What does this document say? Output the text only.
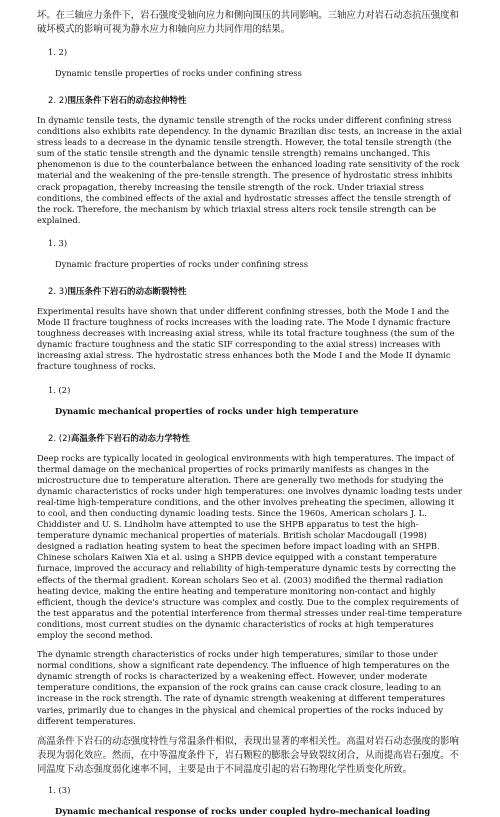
坏。在三轴应力条件下，岩石强度受轴向应力和侧向围压的共同影响。三轴应力对岩石动态抗压强度和破坏模式的影响可视为静水应力和轴向应力共同作用的结果。

1. 2)

Dynamic tensile properties of rocks under confining stress

2. 2)围压条件下岩石的动态拉伸特性

In dynamic tensile tests, the dynamic tensile strength of the rocks under different confining stress conditions also exhibits rate dependency. In the dynamic Brazilian disc tests, an increase in the axial stress leads to a decrease in the dynamic tensile strength. However, the total tensile strength (the sum of the static tensile strength and the dynamic tensile strength) remains unchanged. This phenomenon is due to the counterbalance between the enhanced loading rate sensitivity of the rock material and the weakening of the pre-tensile strength. The presence of hydrostatic stress inhibits crack propagation, thereby increasing the tensile strength of the rock. Under triaxial stress conditions, the combined effects of the axial and hydrostatic stresses affect the tensile strength of the rock. Therefore, the mechanism by which triaxial stress alters rock tensile strength can be explained.

1. 3)

Dynamic fracture properties of rocks under confining stress

2. 3)围压条件下岩石的动态断裂特性

Experimental results have shown that under different confining stresses, both the Mode I and the Mode II fracture toughness of rocks increases with the loading rate. The Mode I dynamic fracture toughness decreases with increasing axial stress, while its total fracture toughness (the sum of the dynamic fracture toughness and the static SIF corresponding to the axial stress) increases with increasing axial stress. The hydrostatic stress enhances both the Mode I and the Mode II dynamic fracture toughness of rocks.

1. (2)

Dynamic mechanical properties of rocks under high temperature

2. (2)高温条件下岩石的动态力学特性

Deep rocks are typically located in geological environments with high temperatures. The impact of thermal damage on the mechanical properties of rocks primarily manifests as changes in the microstructure due to temperature alteration. There are generally two methods for studying the dynamic characteristics of rocks under high temperatures: one involves dynamic loading tests under real-time high-temperature conditions, and the other involves preheating the specimen, allowing it to cool, and then conducting dynamic loading tests. Since the 1960s, American scholars J. L. Chiddister and U. S. Lindholm have attempted to use the SHPB apparatus to test the high-temperature dynamic mechanical properties of materials. British scholar Macdougall (1998) designed a radiation heating system to heat the specimen before impact loading with an SHPB. Chinese scholars Kaiwen Xia et al. using a SHPB device equipped with a constant temperature furnace, improved the accuracy and reliability of high-temperature dynamic tests by correcting the effects of the thermal gradient. Korean scholars Seo et al. (2003) modified the thermal radiation heating device, making the entire heating and temperature monitoring non-contact and highly efficient, though the device's structure was complex and costly. Due to the complex requirements of the test apparatus and the potential interference from thermal stresses under real-time temperature conditions, most current studies on the dynamic characteristics of rocks at high temperatures employ the second method.

The dynamic strength characteristics of rocks under high temperatures, similar to those under normal conditions, show a significant rate dependency. The influence of high temperatures on the dynamic strength of rocks is characterized by a weakening effect. However, under moderate temperature conditions, the expansion of the rock grains can cause crack closure, leading to an increase in the rock strength. The rate of dynamic strength weakening at different temperatures varies, primarily due to changes in the physical and chemical properties of the rocks induced by different temperatures.

高温条件下岩石的动态强度特性与常温条件相似，表现出显著的率相关性。高温对岩石动态强度的影响表现为弱化效应。然而，在中等温度条件下，岩石颗粒的膨胀会导致裂纹闭合，从而提高岩石强度。不同温度下动态强度弱化速率不同，主要是由于不同温度引起的岩石物理化学性质变化所致。

1. (3)

Dynamic mechanical response of rocks under coupled hydro-mechanical loading
